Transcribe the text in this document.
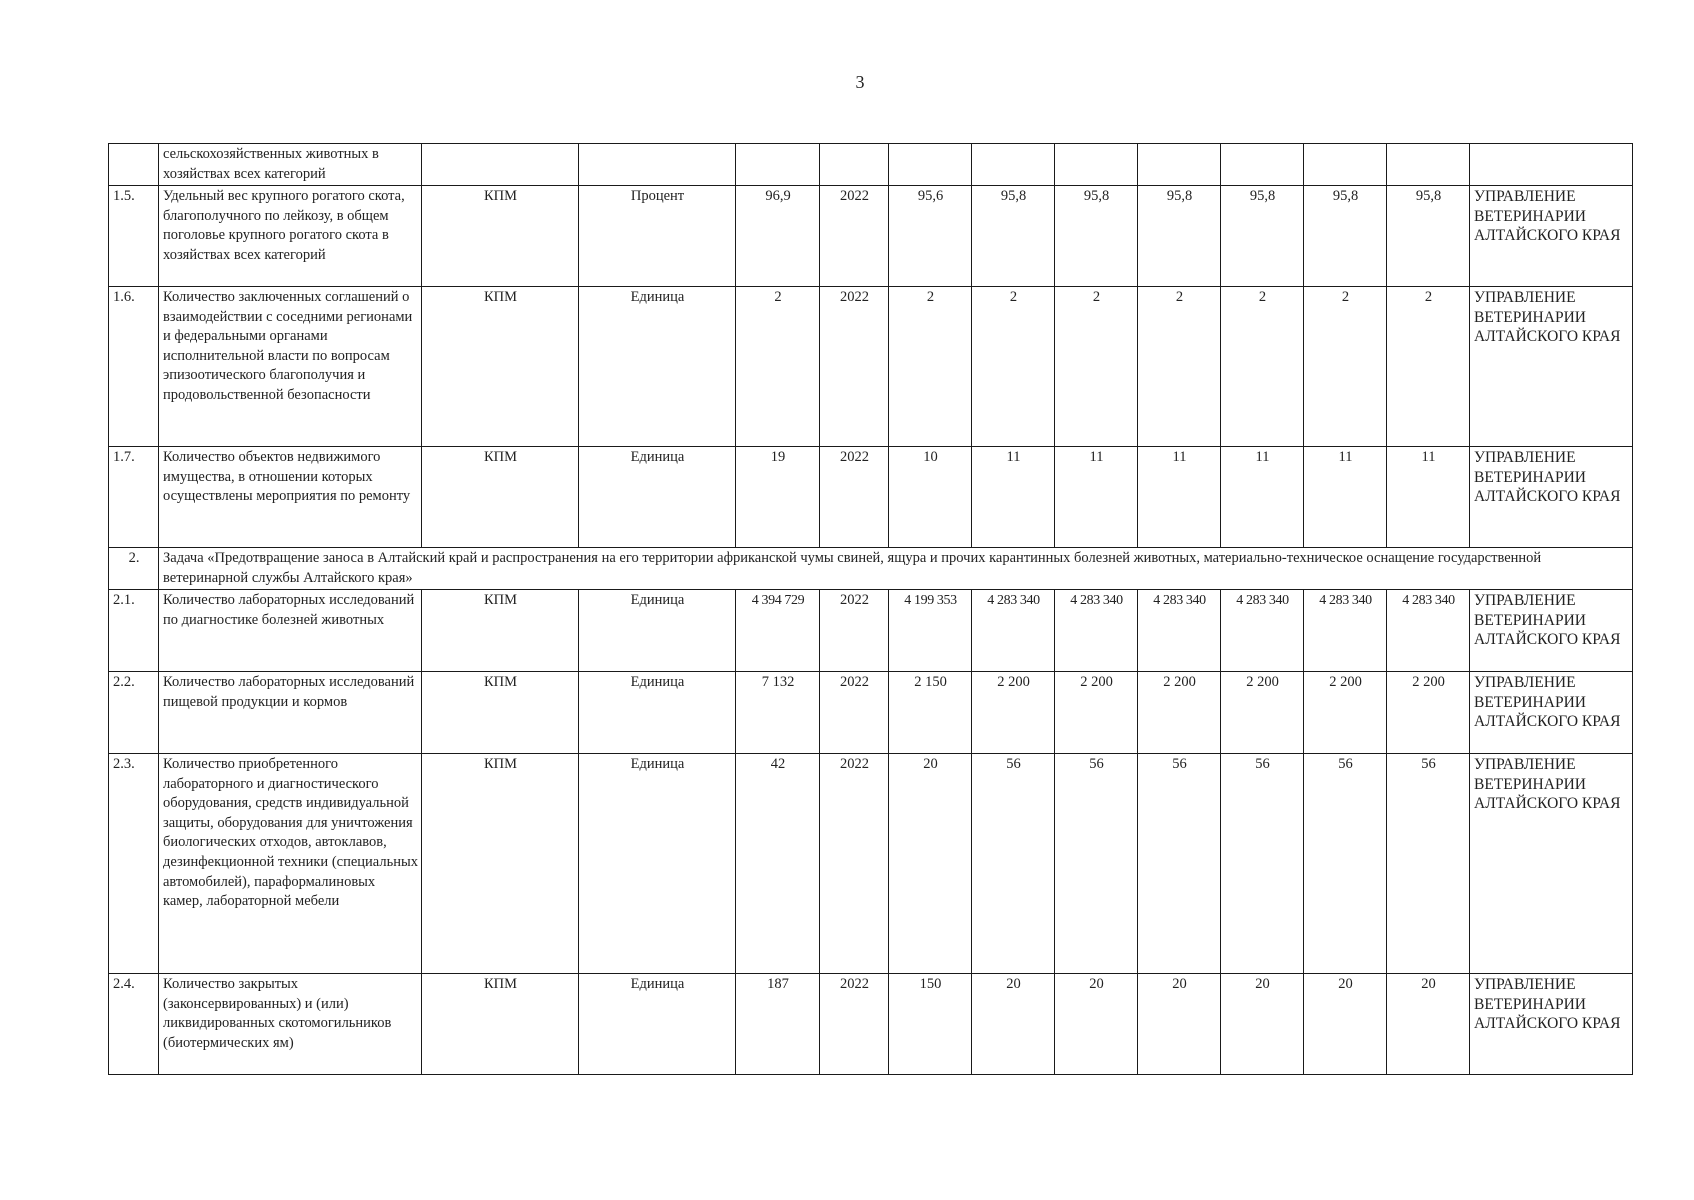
3
	сельскохозяйственных животных в хозяйствах всех категорий												
1.5.	Удельный вес крупного рогатого скота, благополучного по лейкозу, в общем поголовье крупного рогатого скота в хозяйствах всех категорий	КПМ	Процент	96,9	2022	95,6	95,8	95,8	95,8	95,8	95,8	95,8	УПРАВЛЕНИЕ ВЕТЕРИНАРИИ АЛТАЙСКОГО КРАЯ
1.6.	Количество заключенных соглашений о взаимодействии с соседними регионами и федеральными органами исполнительной власти по вопросам эпизоотического благополучия и продовольственной безопасности	КПМ	Единица	2	2022	2	2	2	2	2	2	2	УПРАВЛЕНИЕ ВЕТЕРИНАРИИ АЛТАЙСКОГО КРАЯ
1.7.	Количество объектов недвижимого имущества, в отношении которых осуществлены мероприятия по ремонту	КПМ	Единица	19	2022	10	11	11	11	11	11	11	УПРАВЛЕНИЕ ВЕТЕРИНАРИИ АЛТАЙСКОГО КРАЯ
2.	Задача «Предотвращение заноса в Алтайский край и распространения на его территории африканской чумы свиней, ящура и прочих карантинных болезней животных, материально-техническое оснащение государственной ветеринарной службы Алтайского края»												
2.1.	Количество лабораторных исследований по диагностике болезней животных	КПМ	Единица	4 394 729	2022	4 199 353	4 283 340	4 283 340	4 283 340	4 283 340	4 283 340	4 283 340	УПРАВЛЕНИЕ ВЕТЕРИНАРИИ АЛТАЙСКОГО КРАЯ
2.2.	Количество лабораторных исследований пищевой продукции и кормов	КПМ	Единица	7 132	2022	2 150	2 200	2 200	2 200	2 200	2 200	2 200	УПРАВЛЕНИЕ ВЕТЕРИНАРИИ АЛТАЙСКОГО КРАЯ
2.3.	Количество приобретенного лабораторного и диагностического оборудования, средств индивидуальной защиты, оборудования для уничтожения биологических отходов, автоклавов, дезинфекционной техники (специальных автомобилей), параформалиновых камер, лабораторной мебели	КПМ	Единица	42	2022	20	56	56	56	56	56	56	УПРАВЛЕНИЕ ВЕТЕРИНАРИИ АЛТАЙСКОГО КРАЯ
2.4.	Количество закрытых (законсервированных) и (или) ликвидированных скотомогильников (биотермических ям)	КПМ	Единица	187	2022	150	20	20	20	20	20	20	УПРАВЛЕНИЕ ВЕТЕРИНАРИИ АЛТАЙСКОГО КРАЯ
